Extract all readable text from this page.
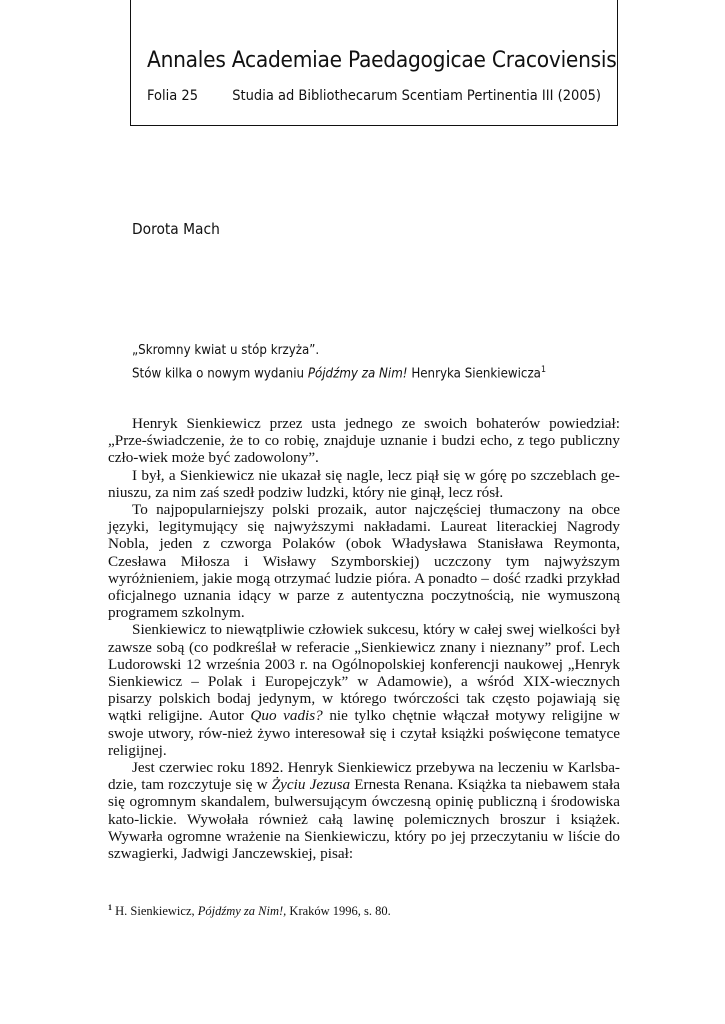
Annales Academiae Paedagogicae Cracoviensis
Folia 25 Studia ad Bibliothecarum Scentiam Pertinentia III (2005)
Dorota Mach
„Skromny kwiat u stóp krzyża”.
Stów kilka o nowym wydaniu Pójdźmy za Nim! Henryka Sienkiewicza$^1$

Henryk Sienkiewicz przez usta jednego ze swoich bohaterów powiedział: „Prze-świadczenie, że to co robię, znajduje uznanie i budzi echo, z tego publiczny czło-wiek może być zadowolony”.

I był, a Sienkiewicz nie ukazał się nagle, lecz piął się w górę po szczeblach ge-niuszu, za nim zaś szedł podziw ludzki, który nie ginął, lecz rósł.

To najpopularniejszy polski prozaik, autor najczęściej tłumaczony na obce języki, legitymujący się najwyższymi nakładami. Laureat literackiej Nagrody Nobla, jeden z czworga Polaków (obok Władysława Stanisława Reymonta, Czesława Miłosza i Wisławy Szymborskiej) uczczony tym najwyższym wyróżnieniem, jakie mogą otrzymać ludzie pióra. A ponadto – dość rzadki przykład oficjalnego uznania idący w parze z autentyczna poczytnością, nie wymuszoną programem szkolnym.

Sienkiewicz to niewątpliwie człowiek sukcesu, który w całej swej wielkości był zawsze sobą (co podkreślał w referacie „Sienkiewicz znany i nieznany” prof. Lech Ludorowski 12 września 2003 r. na Ogólnopolskiej konferencji naukowej „Henryk Sienkiewicz – Polak i Europejczyk” w Adamowie), a wśród XIX-wiecznych pisarzy polskich bodaj jedynym, w którego twórczości tak często pojawiają się wątki religijne. Autor Quo vadis? nie tylko chętnie włączał motywy religijne w swoje utwory, rów-nież żywo interesował się i czytał książki poświęcone tematyce religijnej.

Jest czerwiec roku 1892. Henryk Sienkiewicz przebywa na leczeniu w Karlsba-dzie, tam rozczytuje się w Życiu Jezusa Ernesta Renana. Książka ta niebawem stała się ogromnym skandalem, bulwersującym ówczesną opinię publiczną i środowiska kato-lickie. Wywołała również całą lawinę polemicznych broszur i książek. Wywarła ogromne wrażenie na Sienkiewiczu, który po jej przeczytaniu w liście do szwagierki, Jadwigi Janczewskiej, pisał:

$^1$ H. Sienkiewicz, Pójdźmy za Nim!, Kraków 1996, s. 80.
